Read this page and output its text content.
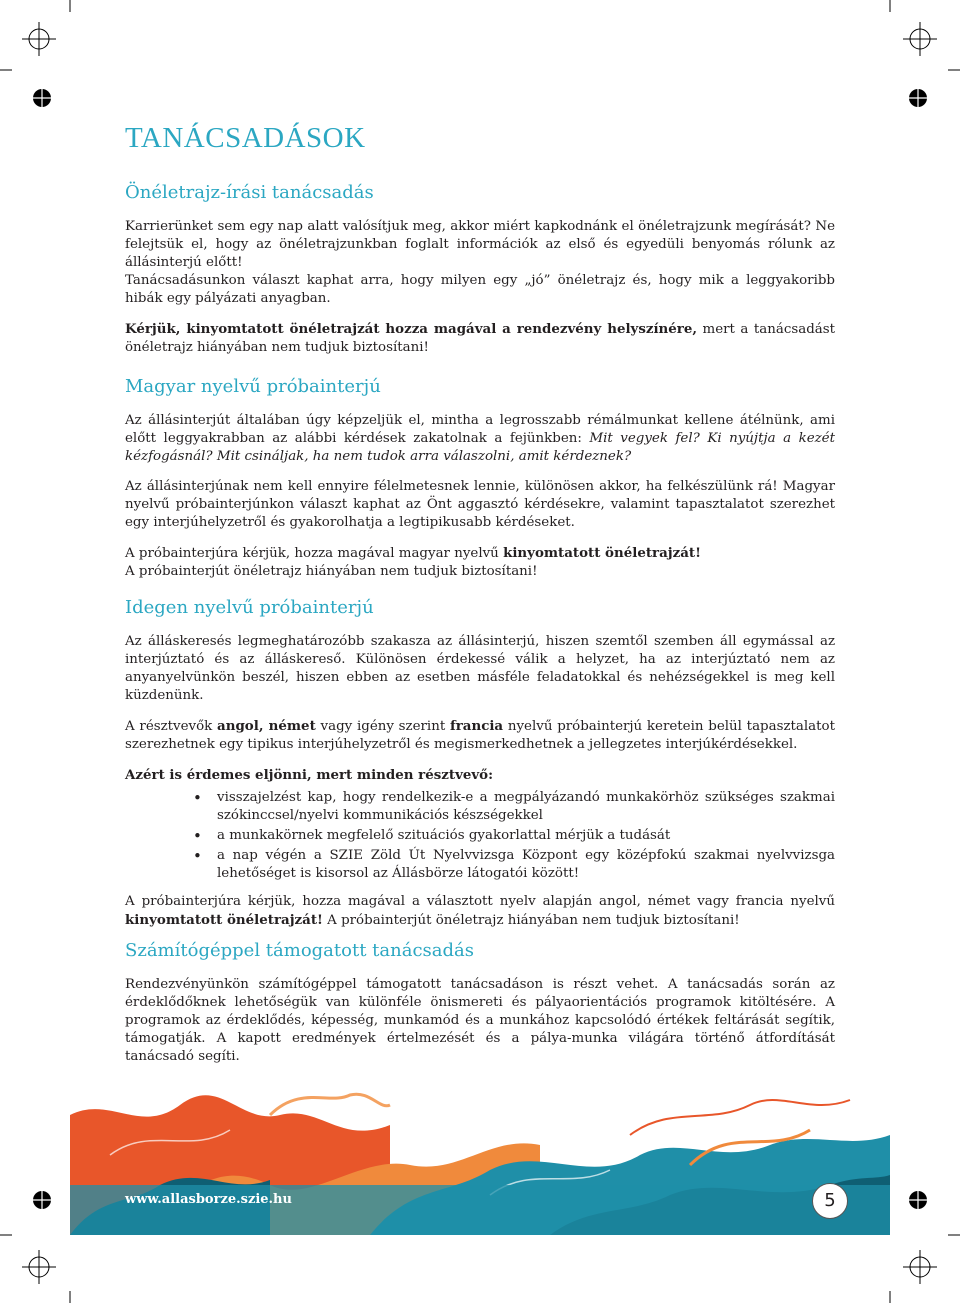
TANÁCSADÁSOK
Önéletrajz-írási tanácsadás

Karrierünket sem egy nap alatt valósítjuk meg, akkor miért kapkodnánk el önéletrajzunk megírását? Ne felejtsük el, hogy az önéletrajzunkban foglalt információk az első és egyedüli benyomás rólunk az állásinterjú előtt!

Tanácsadásunkon választ kaphat arra, hogy milyen egy „jó” önéletrajz és, hogy mik a leggyakoribb hibák egy pályázati anyagban.

Kérjük, kinyomtatott önéletrajzát hozza magával a rendezvény helyszínére, mert a tanácsadást önéletrajz hiányában nem tudjuk biztosítani!

Magyar nyelvű próbainterjú

Az állásinterjút általában úgy képzeljük el, mintha a legrosszabb rémálmunkat kellene átélnünk, ami előtt leggyakrabban az alábbi kérdések zakatolnak a fejünkben: Mit vegyek fel? Ki nyújtja a kezét kézfogásnál? Mit csináljak, ha nem tudok arra válaszolni, amit kérdeznek?

Az állásinterjúnak nem kell ennyire félelmetesnek lennie, különösen akkor, ha felkészülünk rá! Magyar nyelvű próbainterjúnkon választ kaphat az Önt aggasztó kérdésekre, valamint tapasztalatot szerezhet egy interjúhelyzetről és gyakorolhatja a legtipikusabb kérdéseket.

A próbainterjúra kérjük, hozza magával magyar nyelvű kinyomtatott önéletrajzát!
A próbainterjút önéletrajz hiányában nem tudjuk biztosítani!

Idegen nyelvű próbainterjú

Az álláskeresés legmeghatározóbb szakasza az állásinterjú, hiszen szemtől szemben áll egymással az interjúztató és az álláskereső. Különösen érdekessé válik a helyzet, ha az interjúztató nem az anyanyelvünkön beszél, hiszen ebben az esetben másféle feladatokkal és nehézségekkel is meg kell küzdenünk.

A résztvevők angol, német vagy igény szerint francia nyelvű próbainterjú keretein belül tapasztalatot szerezhetnek egy tipikus interjúhelyzetről és megismerkedhetnek a jellegzetes interjúkérdésekkel.

Azért is érdemes eljönni, mert minden résztvevő:

• visszajelzést kap, hogy rendelkezik-e a megpályázandó munkakörhöz szükséges szakmai szókinccsel/nyelvi kommunikációs készségekkel
• a munkakörnek megfelelő szituációs gyakorlattal mérjük a tudását
• a nap végén a SZIE Zöld Út Nyelvvizsga Központ egy középfokú szakmai nyelvvizsga lehetőséget is kisorsol az Állásbörze látogatói között!

A próbainterjúra kérjük, hozza magával a választott nyelv alapján angol, német vagy francia nyelvű kinyomtatott önéletrajzát! A próbainterjút önéletrajz hiányában nem tudjuk biztosítani!

Számítógéppel támogatott tanácsadás

Rendezvényünkön számítógéppel támogatott tanácsadáson is részt vehet. A tanácsadás során az érdeklődőknek lehetőségük van különféle önismereti és pályaorientációs programok kitöltésére. A programok az érdeklődés, képesség, munkamód és a munkához kapcsolódó értékek feltárását segítik, támogatják. A kapott eredmények értelmezését és a pálya-munka világára történő átfordítását tanácsadó segíti.

www.allasborze.szie.hu	5
